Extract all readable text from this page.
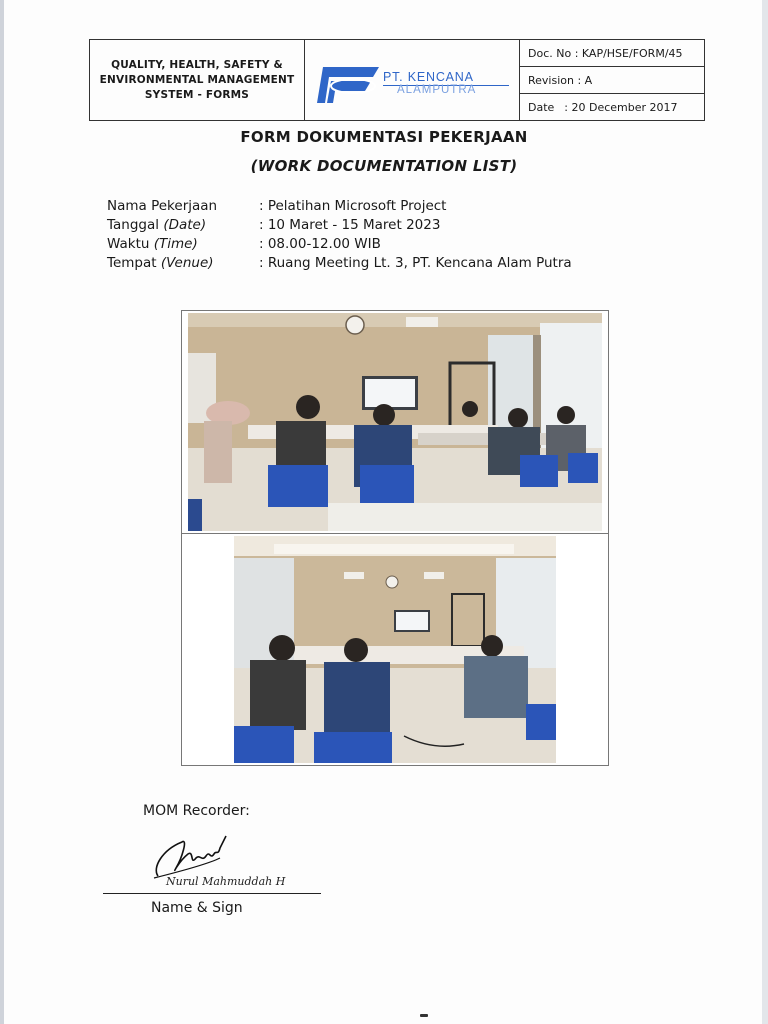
QUALITY, HEALTH, SAFETY &
ENVIRONMENTAL MANAGEMENT
SYSTEM - FORMS
PT. KENCANA
ALAMPUTRA
Doc. No : KAP/HSE/FORM/45
Revision : A
Date : 20 December 2017
FORM DOKUMENTASI PEKERJAAN
(WORK DOCUMENTATION LIST)
Nama Pekerjaan	: Pelatihan Microsoft Project
Tanggal (Date)	: 10 Maret - 15 Maret 2023
Waktu (Time)	: 08.00-12.00 WIB
Tempat (Venue)	: Ruang Meeting Lt. 3, PT. Kencana Alam Putra
MOM Recorder:
Nurul Mahmuddah H
Name & Sign
